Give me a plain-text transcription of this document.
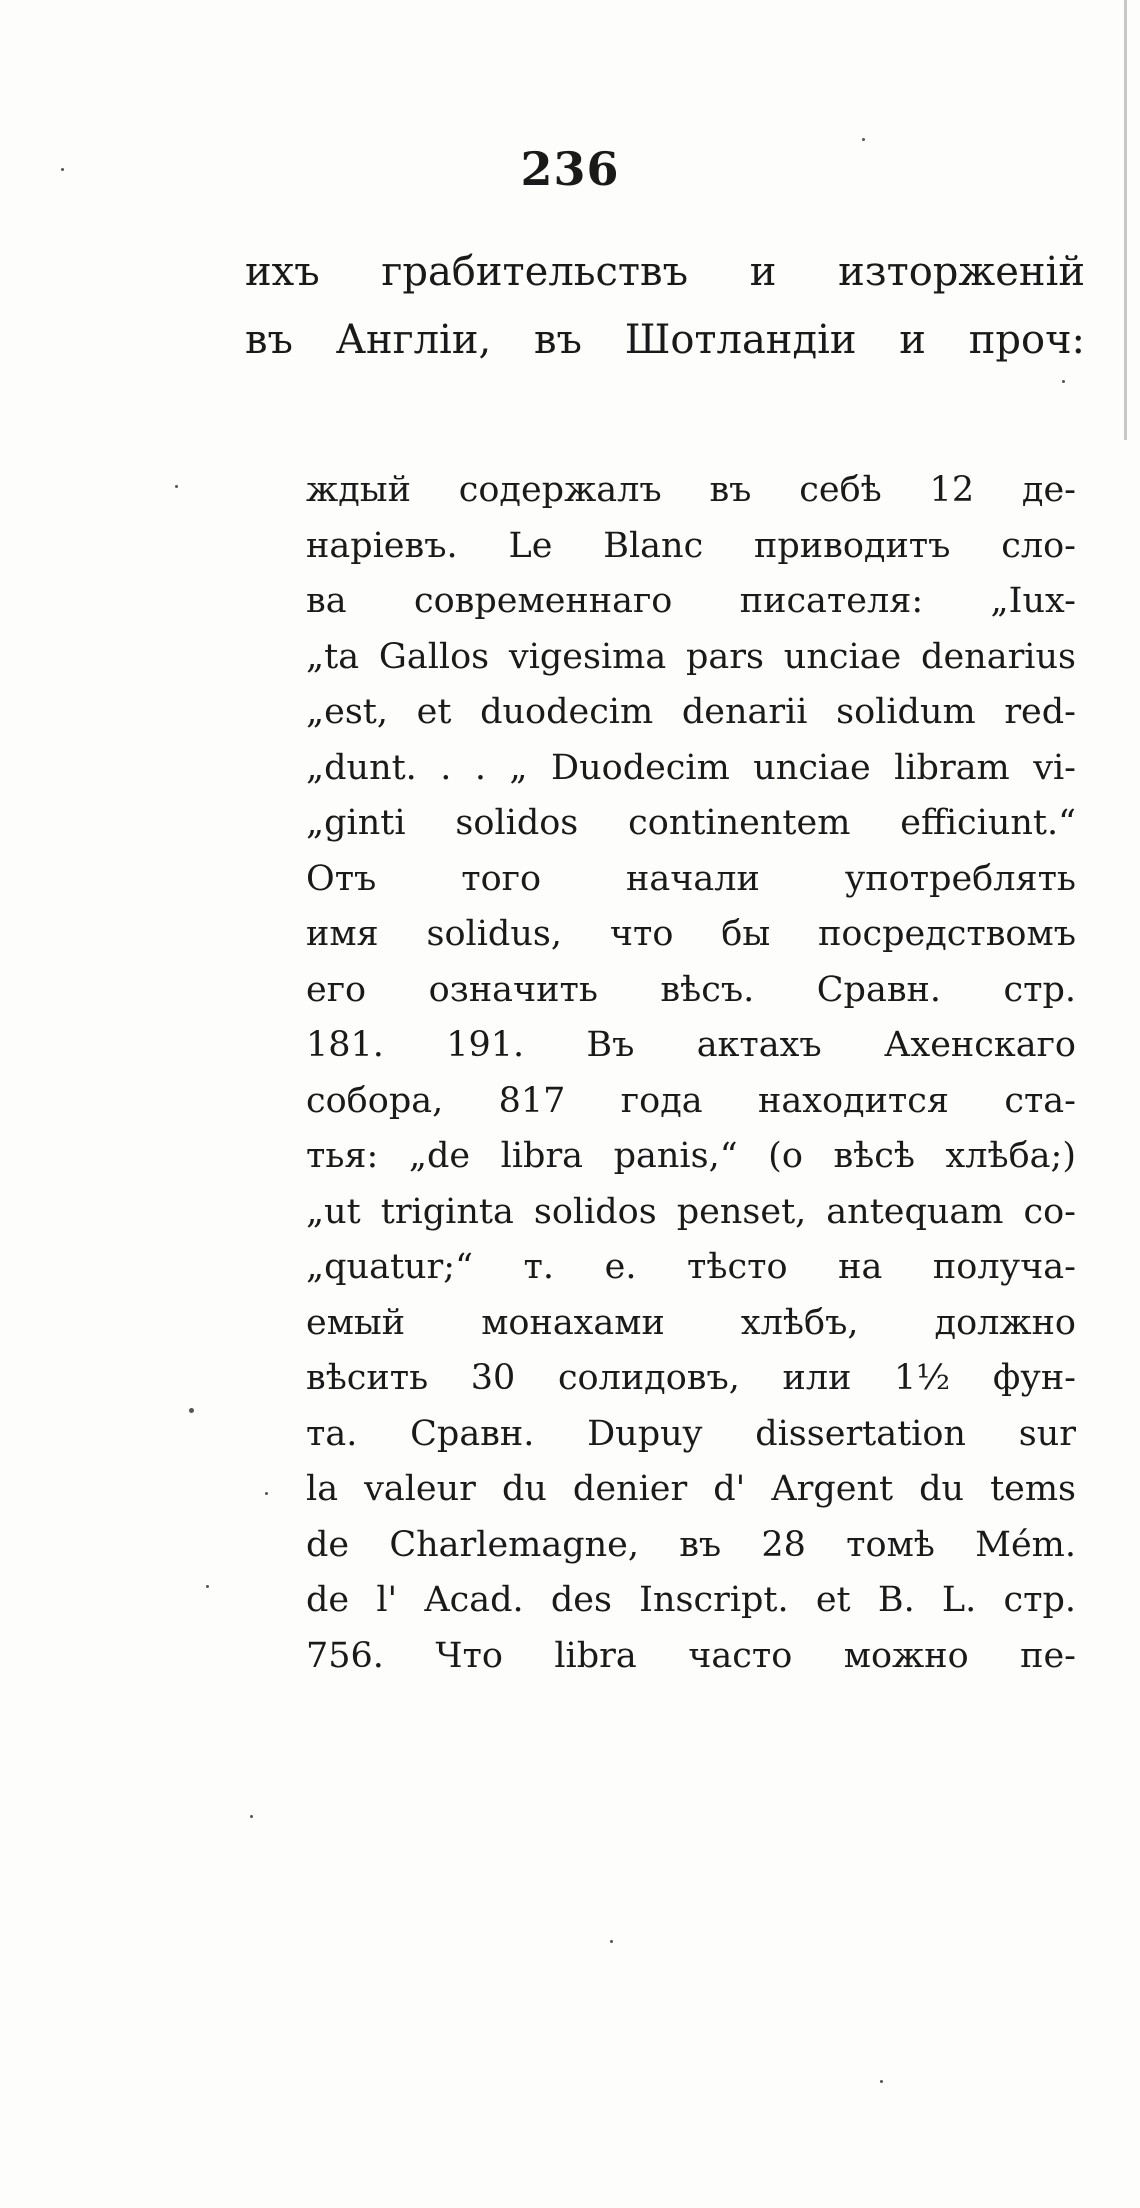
236
ихъ грабительствъ и изторженій
въ Англіи, въ Шотландіи и проч:
ждый содержалъ въ себѣ 12 де-
наріевъ. Le Blanc приводитъ сло-
ва современнаго писателя: „Iux-
„ta Gallos vigesima pars unciae denarius
„est, et duodecim denarii solidum red-
„dunt. . . „ Duodecim unciae libram vi-
„ginti solidos continentem efficiunt.“
Отъ того начали употреблять
имя solidus, что бы посредствомъ
его означить вѣсъ. Сравн. стр.
181. 191. Въ актахъ Ахенскаго
собора, 817 года находится ста-
тья: „de libra panis,“ (о вѣсѣ хлѣба;)
„ut triginta solidos penset, antequam co-
„quatur;“ т. е. тѣсто на получа-
емый монахами хлѣбъ, должно
вѣсить 30 солидовъ, или 1½ фун-
та. Сравн. Dupuy dissertation sur
la valeur du denier d' Argent du tems
de Charlemagne, въ 28 томѣ Mém.
de l' Acad. des Inscript. et B. L. стр.
756. Что libra часто можно пе-
